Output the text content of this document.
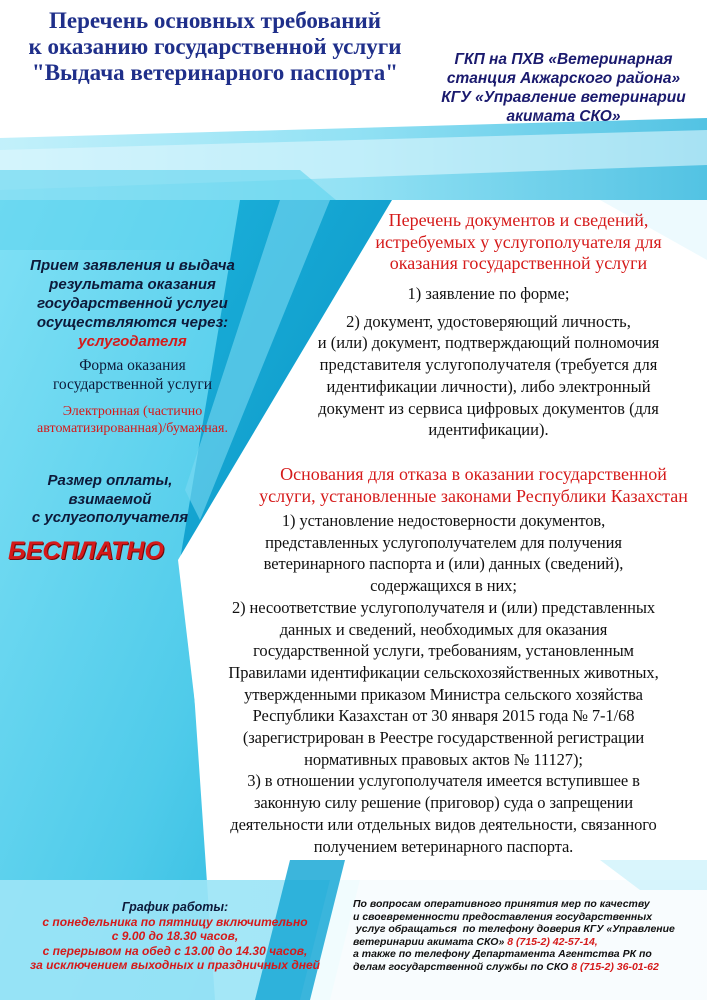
Перечень основных требований
к оказанию государственной услуги
"Выдача ветеринарного паспорта"
ГКП на ПХВ «Ветеринарная
станция Акжарского района»
КГУ «Управление ветеринарии
акимата СКО»
Прием заявления и выдача
результата оказания
государственной услуги
осуществляются через:
услугодателя
Форма оказания
государственной услуги
Электронная (частично
автоматизированная)/бумажная.
Размер оплаты,
взимаемой
с услугополучателя
БЕСПЛАТНО
Перечень документов и сведений,
истребуемых у услугополучателя для
оказания государственной услуги
1) заявление по форме;
2) документ, удостоверяющий личность,
и (или) документ, подтверждающий полномочия
представителя услугополучателя (требуется для
идентификации личности), либо электронный
документ из сервиса цифровых документов (для
идентификации).
Основания для отказа в оказании государственной
услуги, установленные законами Республики Казахстан
1) установление недостоверности документов,
представленных услугополучателем для получения
ветеринарного паспорта и (или) данных (сведений),
содержащихся в них;
2) несоответствие услугополучателя и (или) представленных
данных и сведений, необходимых для оказания
государственной услуги, требованиям, установленным
Правилами идентификации сельскохозяйственных животных,
утвержденными приказом Министра сельского хозяйства
Республики Казахстан от 30 января 2015 года № 7-1/68
(зарегистрирован в Реестре государственной регистрации
нормативных правовых актов № 11127);
3) в отношении услугополучателя имеется вступившее в
законную силу решение (приговор) суда о запрещении
деятельности или отдельных видов деятельности, связанного
получением ветеринарного паспорта.
График работы:
с понедельника по пятницу включительно
с 9.00 до 18.30 часов,
с перерывом на обед с 13.00 до 14.30 часов,
за исключением выходных и праздничных дней
По вопросам оперативного принятия мер по качеству
и своевременности предоставления государственных
услуг обращаться  по телефону доверия КГУ «Управление
ветеринарии акимата СКО» 8 (715-2) 42-57-14,
а также по телефону Департамента Агентства РК по
делам государственной службы по СКО 8 (715-2) 36-01-62
